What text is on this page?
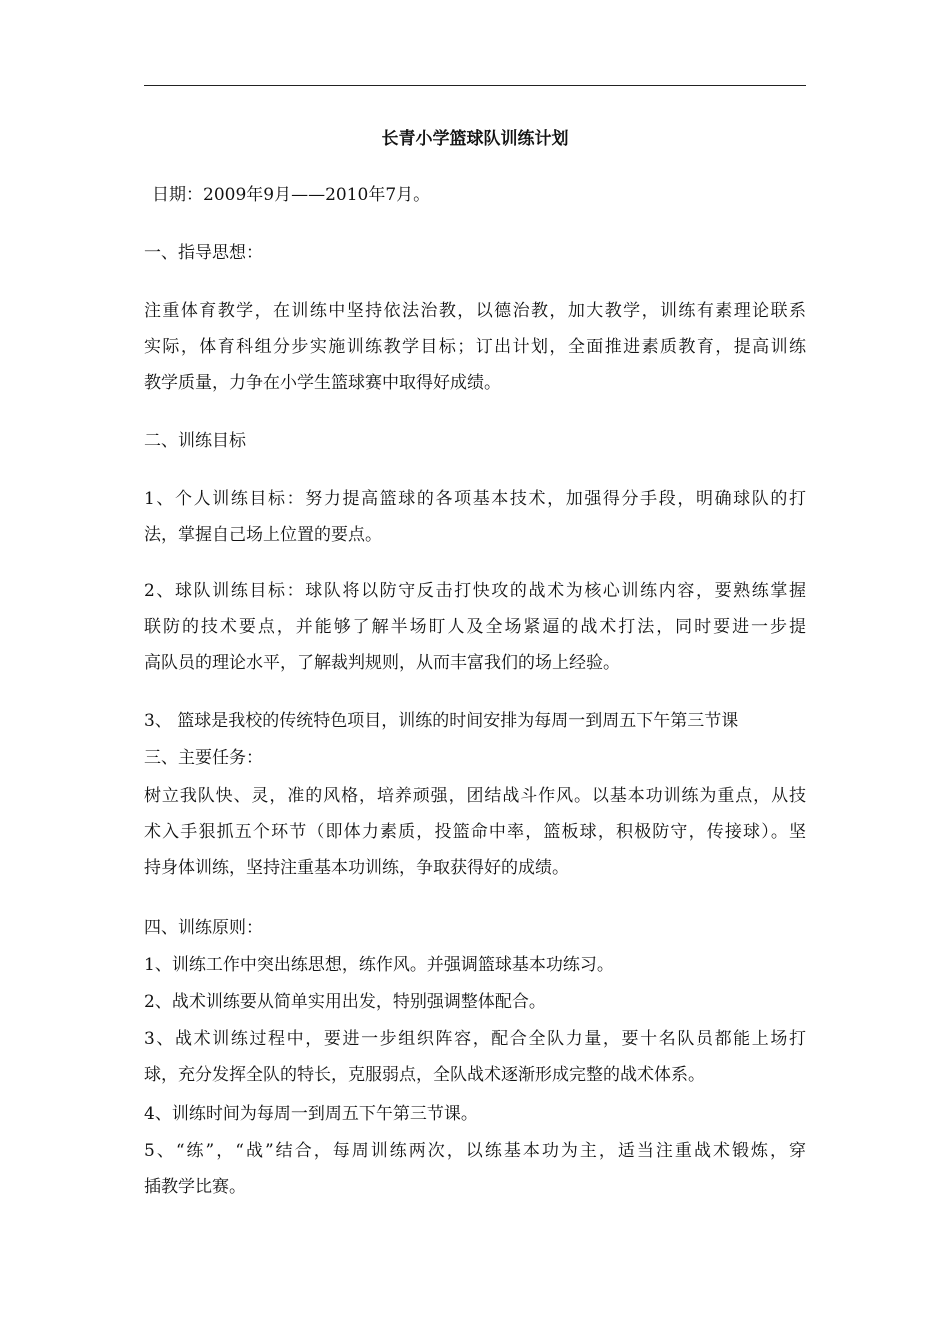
长青小学篮球队训练计划
日期：2009年9月——2010年7月。
一、指导思想：
注重体育教学，在训练中坚持依法治教，以德治教，加大教学，训练有素理论联系
实际，体育科组分步实施训练教学目标；订出计划，全面推进素质教育，提高训练
教学质量，力争在小学生篮球赛中取得好成绩。
二、训练目标
1、个人训练目标：努力提高篮球的各项基本技术，加强得分手段，明确球队的打
法，掌握自己场上位置的要点。
2、球队训练目标：球队将以防守反击打快攻的战术为核心训练内容，要熟练掌握
联防的技术要点，并能够了解半场盯人及全场紧逼的战术打法，同时要进一步提
高队员的理论水平，了解裁判规则，从而丰富我们的场上经验。
3、 篮球是我校的传统特色项目，训练的时间安排为每周一到周五下午第三节课
三、主要任务：
树立我队快、灵，准的风格，培养顽强，团结战斗作风。以基本功训练为重点，从技
术入手狠抓五个环节（即体力素质，投篮命中率，篮板球，积极防守，传接球）。坚
持身体训练，坚持注重基本功训练，争取获得好的成绩。
四、训练原则：
1、训练工作中突出练思想，练作风。并强调篮球基本功练习。
2、战术训练要从简单实用出发，特别强调整体配合。
3、战术训练过程中，要进一步组织阵容，配合全队力量，要十名队员都能上场打
球，充分发挥全队的特长，克服弱点，全队战术逐渐形成完整的战术体系。
4、训练时间为每周一到周五下午第三节课。
5、“练”，“战”结合，每周训练两次，以练基本功为主，适当注重战术锻炼，穿
插教学比赛。
